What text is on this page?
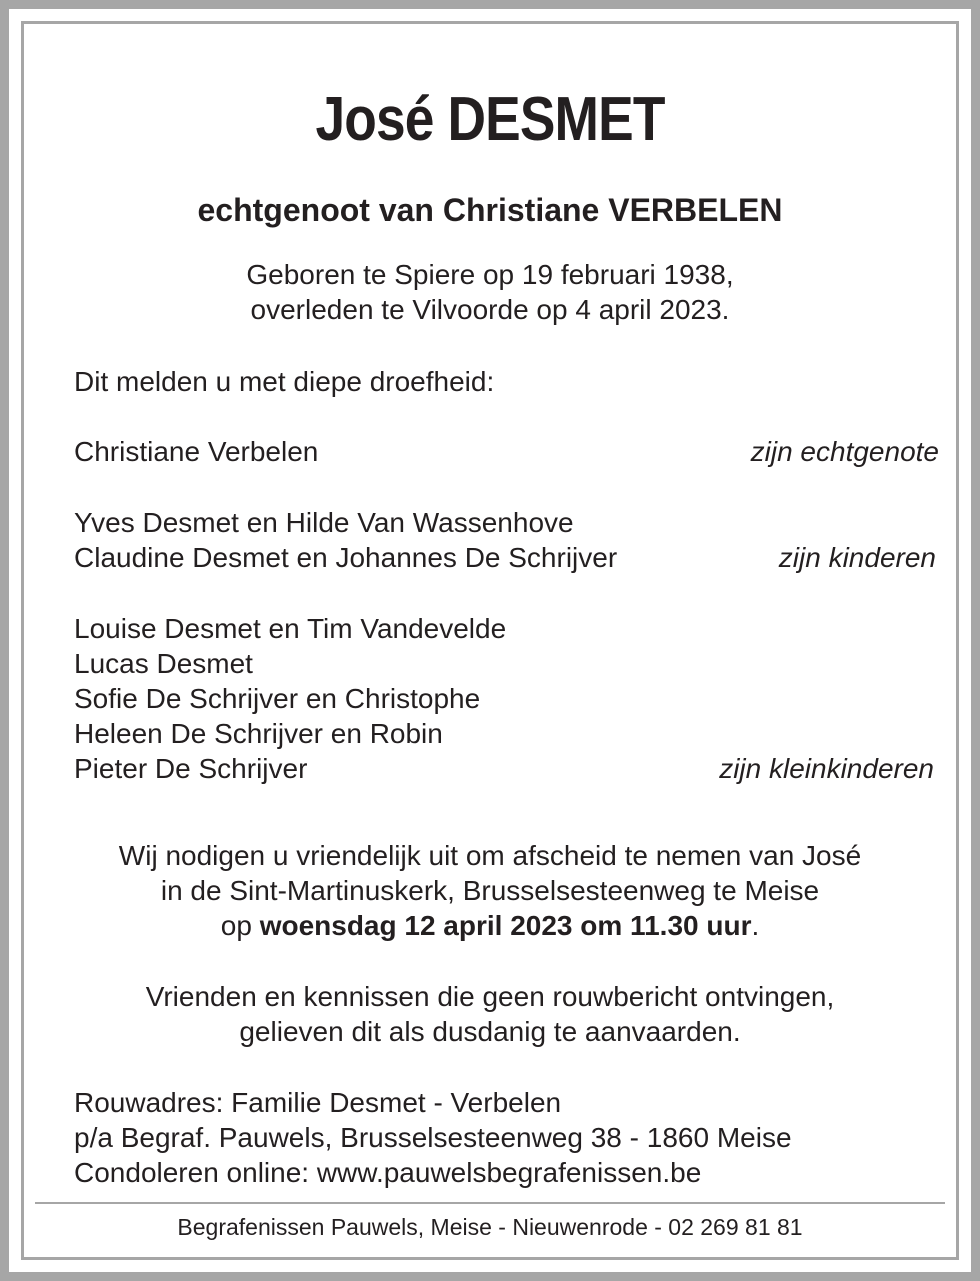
José DESMET
echtgenoot van Christiane VERBELEN
Geboren te Spiere op 19 februari 1938,
overleden te Vilvoorde op 4 april 2023.
Dit melden u met diepe droefheid:
Christiane Verbelen	zijn echtgenote
Yves Desmet en Hilde Van Wassenhove
Claudine Desmet en Johannes De Schrijver	zijn kinderen
Louise Desmet en Tim Vandevelde
Lucas Desmet
Sofie De Schrijver en Christophe
Heleen De Schrijver en Robin
Pieter De Schrijver	zijn kleinkinderen
Wij nodigen u vriendelijk uit om afscheid te nemen van José
in de Sint-Martinuskerk, Brusselsesteenweg te Meise
op woensdag 12 april 2023 om 11.30 uur.
Vrienden en kennissen die geen rouwbericht ontvingen,
gelieven dit als dusdanig te aanvaarden.
Rouwadres: Familie Desmet - Verbelen
p/a Begraf. Pauwels, Brusselsesteenweg 38 - 1860 Meise
Condoleren online: www.pauwelsbegrafenissen.be
Begrafenissen Pauwels, Meise - Nieuwenrode - 02 269 81 81
